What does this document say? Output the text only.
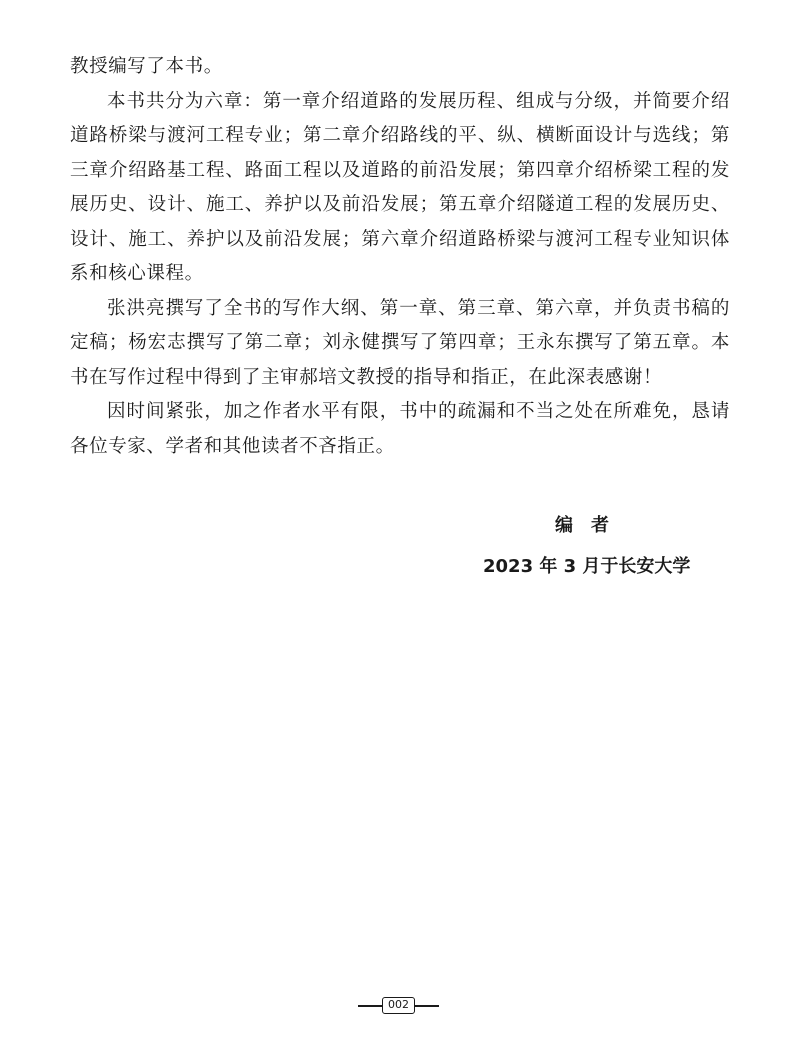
教授编写了本书。

本书共分为六章：第一章介绍道路的发展历程、组成与分级，并简要介绍道路桥梁与渡河工程专业；第二章介绍路线的平、纵、横断面设计与选线；第三章介绍路基工程、路面工程以及道路的前沿发展；第四章介绍桥梁工程的发展历史、设计、施工、养护以及前沿发展；第五章介绍隧道工程的发展历史、设计、施工、养护以及前沿发展；第六章介绍道路桥梁与渡河工程专业知识体系和核心课程。

张洪亮撰写了全书的写作大纲、第一章、第三章、第六章，并负责书稿的定稿；杨宏志撰写了第二章；刘永健撰写了第四章；王永东撰写了第五章。本书在写作过程中得到了主审郝培文教授的指导和指正，在此深表感谢！

因时间紧张，加之作者水平有限，书中的疏漏和不当之处在所难免，恳请各位专家、学者和其他读者不吝指正。

编者
2023 年 3 月于长安大学
002
